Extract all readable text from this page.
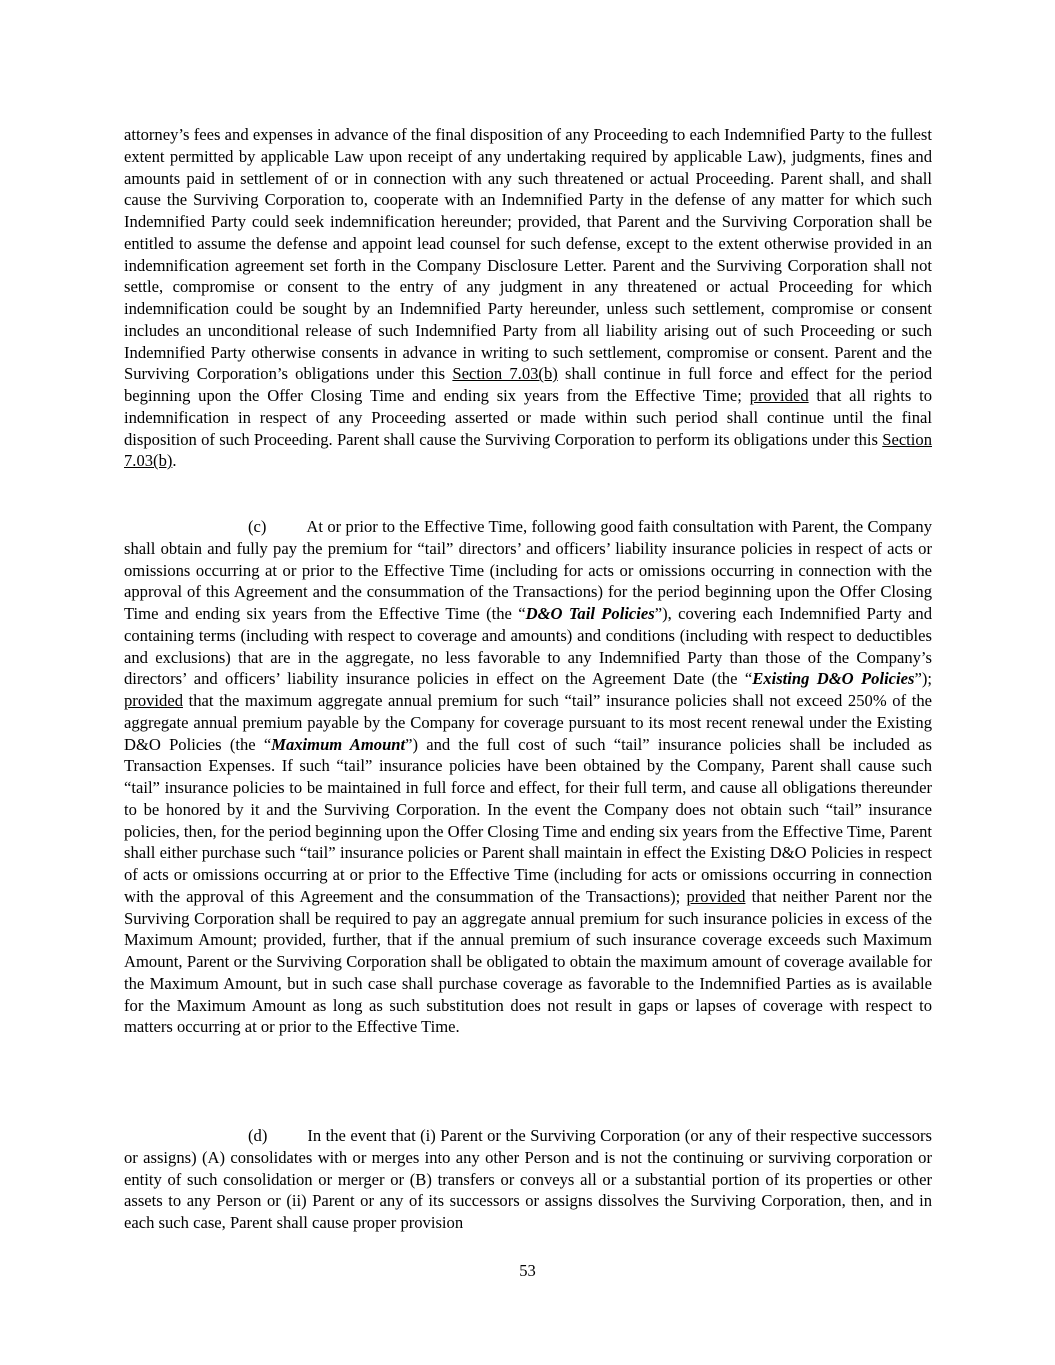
attorney’s fees and expenses in advance of the final disposition of any Proceeding to each Indemnified Party to the fullest extent permitted by applicable Law upon receipt of any undertaking required by applicable Law), judgments, fines and amounts paid in settlement of or in connection with any such threatened or actual Proceeding. Parent shall, and shall cause the Surviving Corporation to, cooperate with an Indemnified Party in the defense of any matter for which such Indemnified Party could seek indemnification hereunder; provided, that Parent and the Surviving Corporation shall be entitled to assume the defense and appoint lead counsel for such defense, except to the extent otherwise provided in an indemnification agreement set forth in the Company Disclosure Letter. Parent and the Surviving Corporation shall not settle, compromise or consent to the entry of any judgment in any threatened or actual Proceeding for which indemnification could be sought by an Indemnified Party hereunder, unless such settlement, compromise or consent includes an unconditional release of such Indemnified Party from all liability arising out of such Proceeding or such Indemnified Party otherwise consents in advance in writing to such settlement, compromise or consent. Parent and the Surviving Corporation’s obligations under this Section 7.03(b) shall continue in full force and effect for the period beginning upon the Offer Closing Time and ending six years from the Effective Time; provided that all rights to indemnification in respect of any Proceeding asserted or made within such period shall continue until the final disposition of such Proceeding. Parent shall cause the Surviving Corporation to perform its obligations under this Section 7.03(b).

(c) At or prior to the Effective Time, following good faith consultation with Parent, the Company shall obtain and fully pay the premium for “tail” directors’ and officers’ liability insurance policies in respect of acts or omissions occurring at or prior to the Effective Time (including for acts or omissions occurring in connection with the approval of this Agreement and the consummation of the Transactions) for the period beginning upon the Offer Closing Time and ending six years from the Effective Time (the “D&O Tail Policies”), covering each Indemnified Party and containing terms (including with respect to coverage and amounts) and conditions (including with respect to deductibles and exclusions) that are in the aggregate, no less favorable to any Indemnified Party than those of the Company’s directors’ and officers’ liability insurance policies in effect on the Agreement Date (the “Existing D&O Policies”); provided that the maximum aggregate annual premium for such “tail” insurance policies shall not exceed 250% of the aggregate annual premium payable by the Company for coverage pursuant to its most recent renewal under the Existing D&O Policies (the “Maximum Amount”) and the full cost of such “tail” insurance policies shall be included as Transaction Expenses. If such “tail” insurance policies have been obtained by the Company, Parent shall cause such “tail” insurance policies to be maintained in full force and effect, for their full term, and cause all obligations thereunder to be honored by it and the Surviving Corporation. In the event the Company does not obtain such “tail” insurance policies, then, for the period beginning upon the Offer Closing Time and ending six years from the Effective Time, Parent shall either purchase such “tail” insurance policies or Parent shall maintain in effect the Existing D&O Policies in respect of acts or omissions occurring at or prior to the Effective Time (including for acts or omissions occurring in connection with the approval of this Agreement and the consummation of the Transactions); provided that neither Parent nor the Surviving Corporation shall be required to pay an aggregate annual premium for such insurance policies in excess of the Maximum Amount; provided, further, that if the annual premium of such insurance coverage exceeds such Maximum Amount, Parent or the Surviving Corporation shall be obligated to obtain the maximum amount of coverage available for the Maximum Amount, but in such case shall purchase coverage as favorable to the Indemnified Parties as is available for the Maximum Amount as long as such substitution does not result in gaps or lapses of coverage with respect to matters occurring at or prior to the Effective Time.

(d) In the event that (i) Parent or the Surviving Corporation (or any of their respective successors or assigns) (A) consolidates with or merges into any other Person and is not the continuing or surviving corporation or entity of such consolidation or merger or (B) transfers or conveys all or a substantial portion of its properties or other assets to any Person or (ii) Parent or any of its successors or assigns dissolves the Surviving Corporation, then, and in each such case, Parent shall cause proper provision

53
